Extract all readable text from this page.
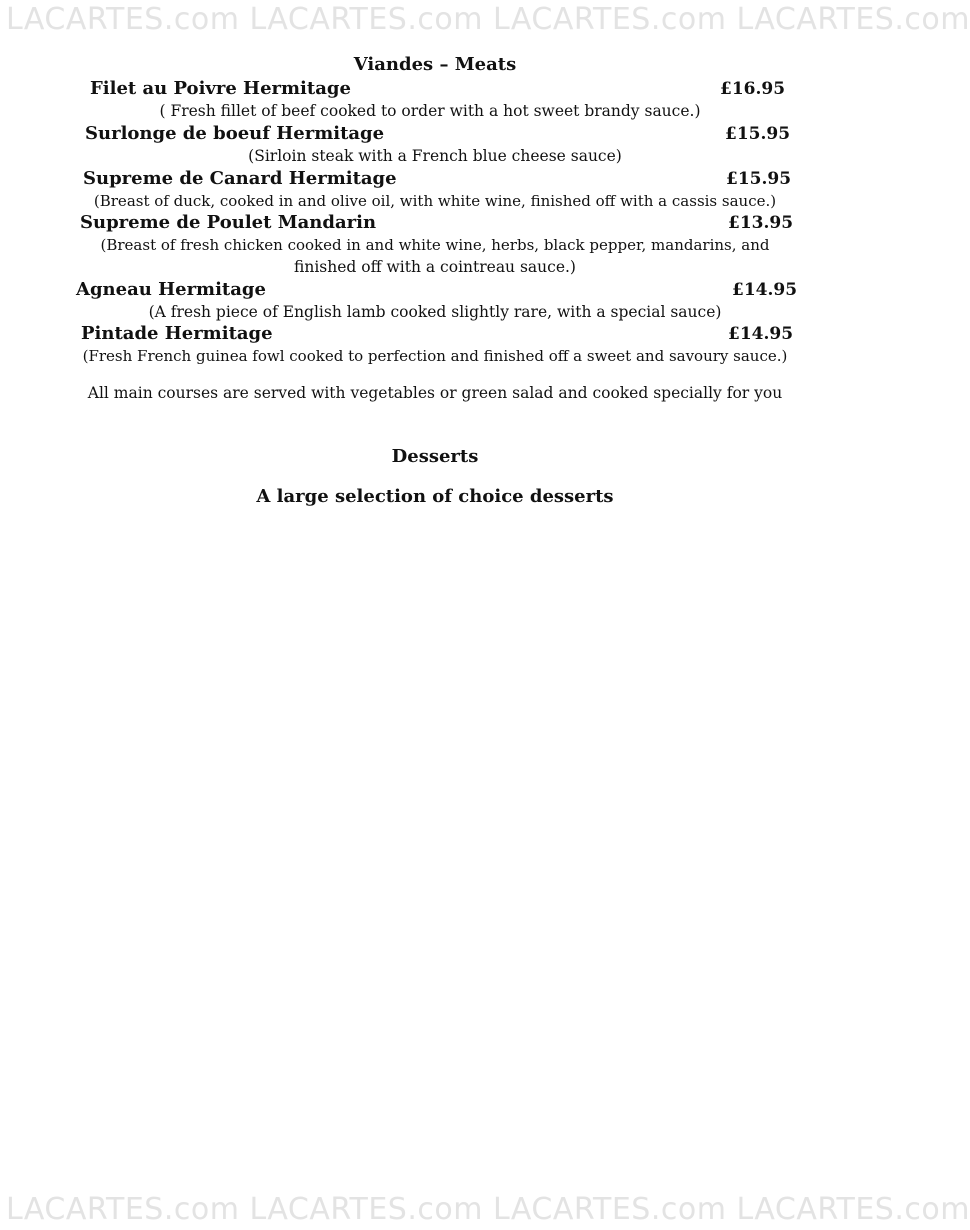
LACARTES.com LACARTES.com LACARTES.com LACARTES.com
Viandes – Meats
Filet au Poivre Hermitage	£16.95
( Fresh fillet of beef cooked to order with a hot sweet brandy sauce.)
Surlonge de boeuf Hermitage	£15.95
(Sirloin steak with a French blue cheese sauce)
Supreme de Canard Hermitage	£15.95
(Breast of duck, cooked in and olive oil, with white wine, finished off with a cassis sauce.)
Supreme de Poulet Mandarin	£13.95
(Breast of fresh chicken cooked in and white wine, herbs, black pepper, mandarins, and
finished off with a cointreau sauce.)
Agneau Hermitage	£14.95
(A fresh piece of English lamb cooked slightly rare, with a special sauce)
Pintade Hermitage	£14.95
(Fresh French guinea fowl cooked to perfection and finished off a sweet and savoury sauce.)
All main courses are served with vegetables or green salad and cooked specially for you
Desserts
A large selection of choice desserts
LACARTES.com LACARTES.com LACARTES.com LACARTES.com
